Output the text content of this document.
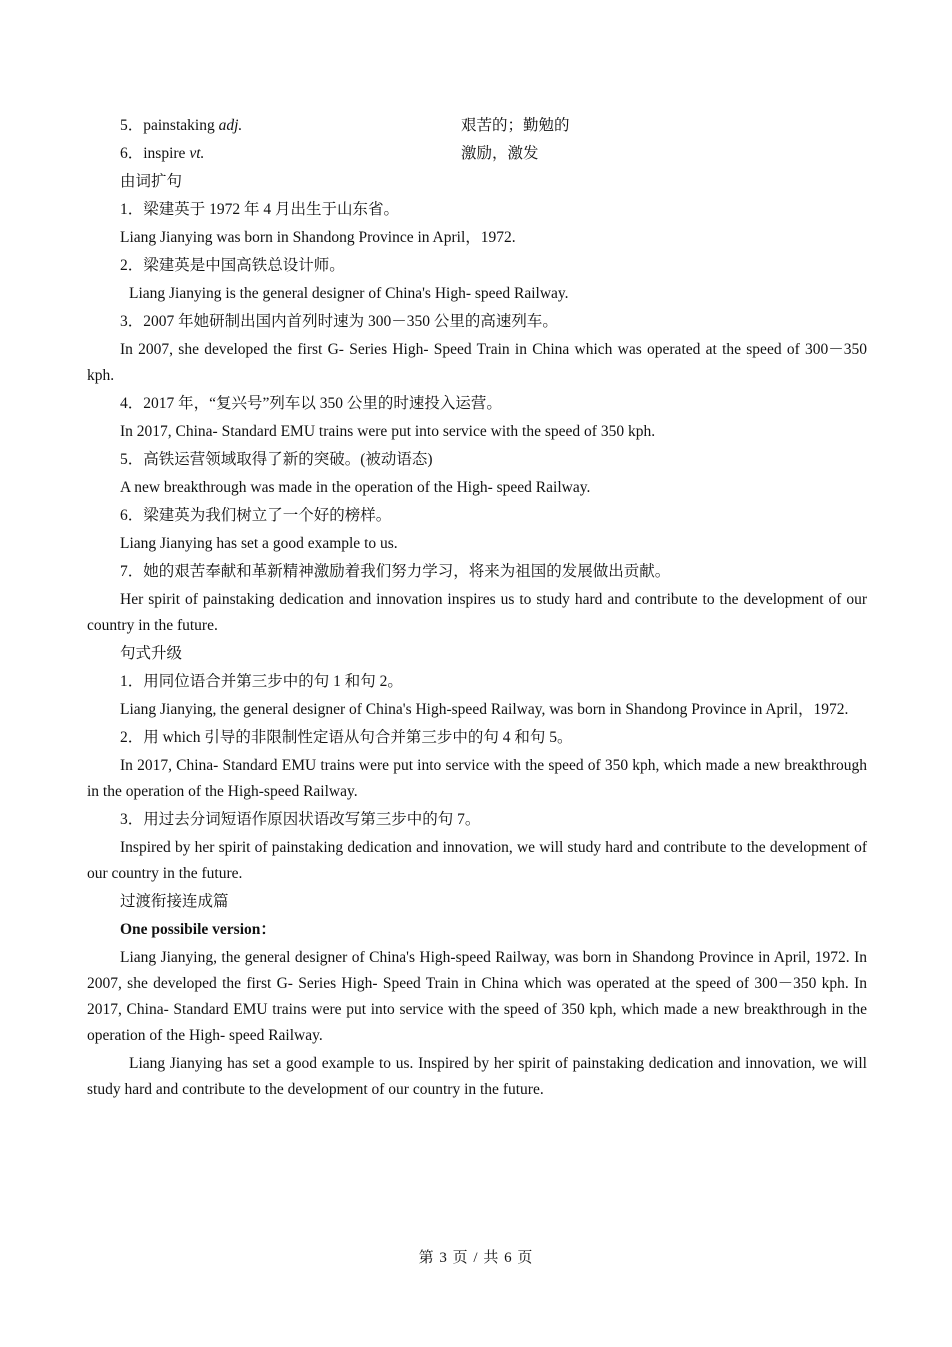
5．painstaking adj.	艰苦的；勤勉的
6．inspire vt.	激励，激发

由词扩句

1．梁建英于 1972 年 4 月出生于山东省。

Liang Jianying was born in Shandong Province in April，1972.

2．梁建英是中国高铁总设计师。

Liang Jianying is the general designer of China's High- speed Railway.

3．2007 年她研制出国内首列时速为 300－350 公里的高速列车。

In 2007, she developed the first G- Series High- Speed Train in China which was operated at the speed of 300－350 kph.

4．2017 年，“复兴号”列车以 350 公里的时速投入运营。

In 2017, China- Standard EMU trains were put into service with the speed of 350 kph.

5．高铁运营领域取得了新的突破。(被动语态)

A new breakthrough was made in the operation of the High- speed Railway.

6．梁建英为我们树立了一个好的榜样。

Liang Jianying has set a good example to us.

7．她的艰苦奉献和革新精神激励着我们努力学习，将来为祖国的发展做出贡献。

Her spirit of painstaking dedication and innovation inspires us to study hard and contribute to the development of our country in the future.

句式升级

1．用同位语合并第三步中的句 1 和句 2。

Liang Jianying, the general designer of China's High-speed Railway, was born in Shandong Province in April，1972.

2．用 which 引导的非限制性定语从句合并第三步中的句 4 和句 5。

In 2017, China- Standard EMU trains were put into service with the speed of 350 kph, which made a new breakthrough in the operation of the High-speed Railway.

3．用过去分词短语作原因状语改写第三步中的句 7。

Inspired by her spirit of painstaking dedication and innovation, we will study hard and contribute to the development of our country in the future.

过渡衔接连成篇

One possibile version：

Liang Jianying, the general designer of China's High-speed Railway, was born in Shandong Province in April, 1972. In 2007, she developed the first G- Series High- Speed Train in China which was operated at the speed of 300－350 kph. In 2017, China- Standard EMU trains were put into service with the speed of 350 kph, which made a new breakthrough in the operation of the High- speed Railway.

Liang Jianying has set a good example to us. Inspired by her spirit of painstaking dedication and innovation, we will study hard and contribute to the development of our country in the future.

第 3 页 / 共 6 页
